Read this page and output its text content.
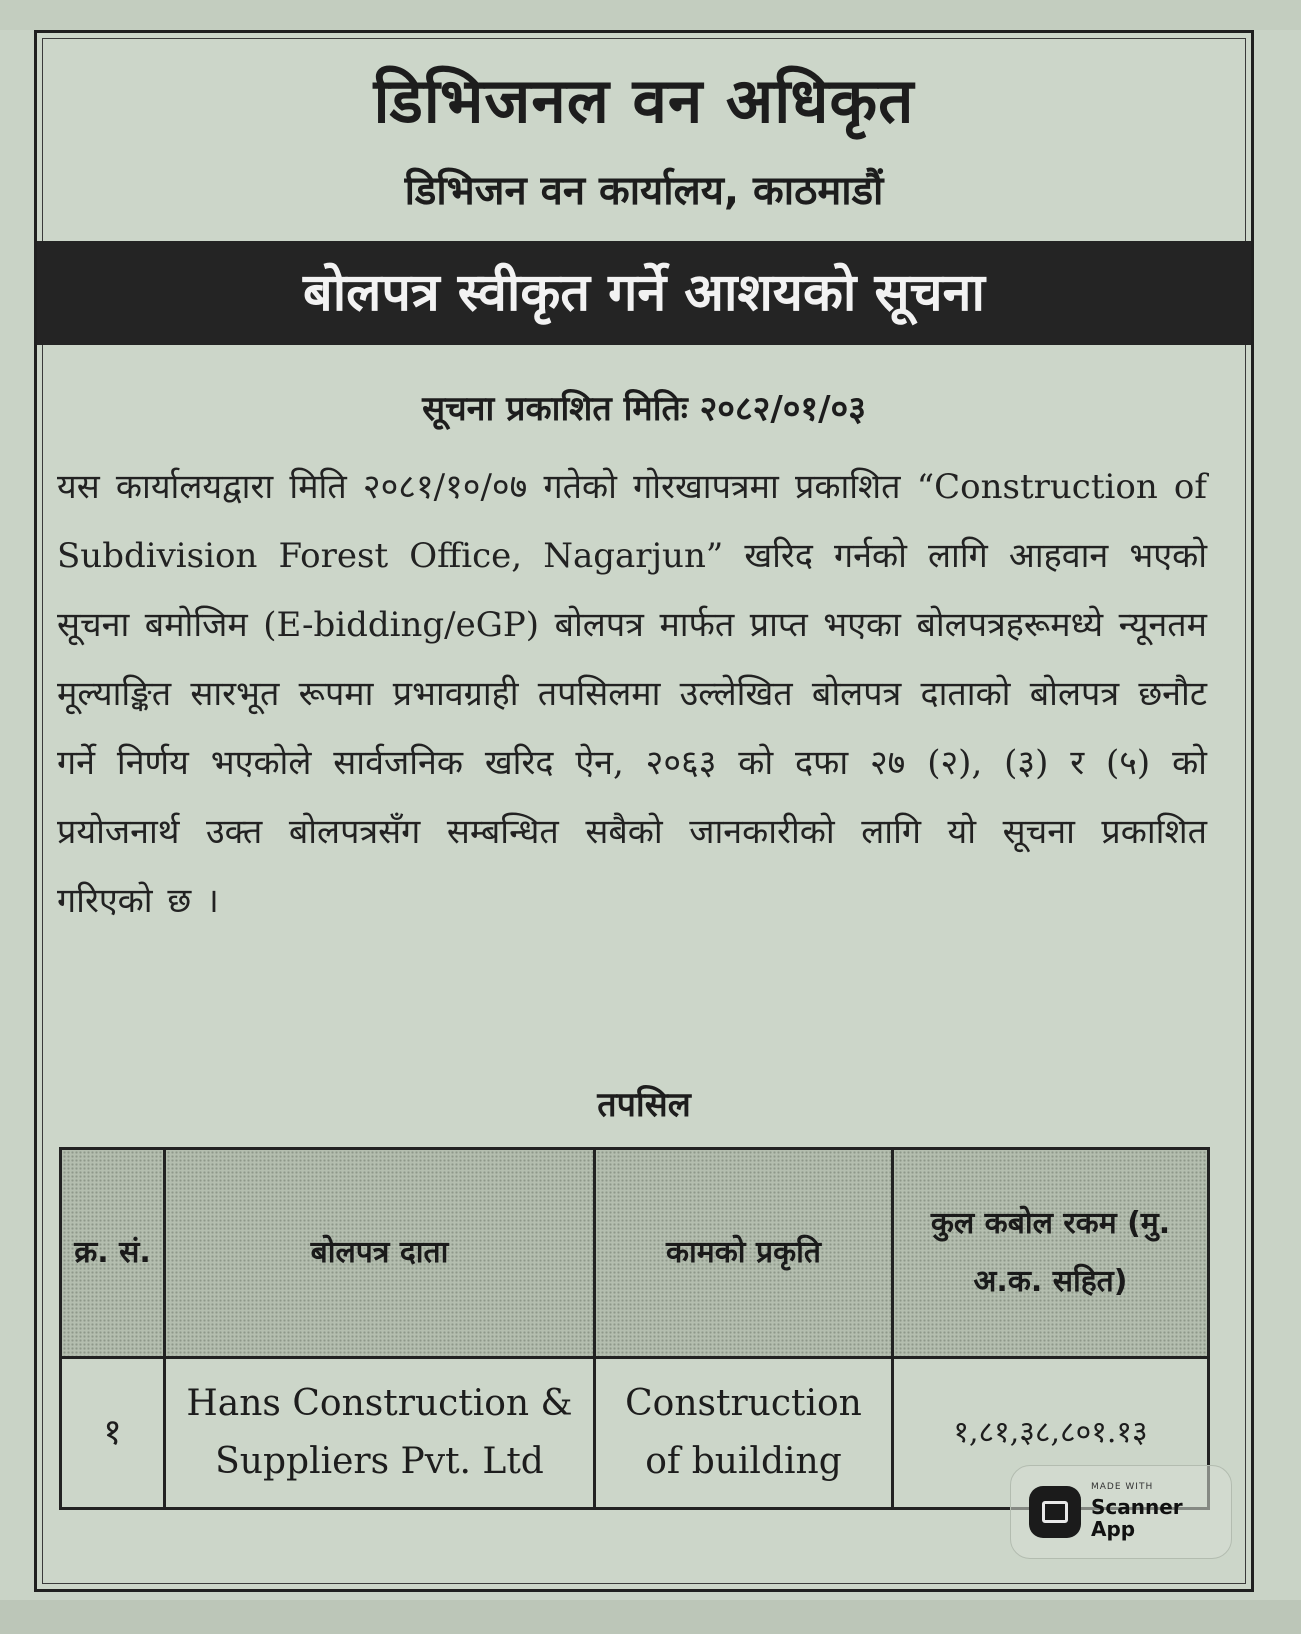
डिभिजनल वन अधिकृत
डिभिजन वन कार्यालय, काठमाडौं
बोलपत्र स्वीकृत गर्ने आशयको सूचना
सूचना प्रकाशित मितिः २०८२/०१/०३
यस कार्यालयद्वारा मिति २०८१/१०/०७ गतेको गोरखापत्रमा प्रकाशित “Construction of Subdivision Forest Office, Nagarjun” खरिद गर्नको लागि आहवान भएको सूचना बमोजिम (E-bidding/eGP) बोलपत्र मार्फत प्राप्त भएका बोलपत्रहरूमध्ये न्यूनतम मूल्याङ्कित सारभूत रूपमा प्रभावग्राही तपसिलमा उल्लेखित बोलपत्र दाताको बोलपत्र छनौट गर्ने निर्णय भएकोले सार्वजनिक खरिद ऐन, २०६३ को दफा २७ (२), (३) र (५) को प्रयोजनार्थ उक्त बोलपत्रसँग सम्बन्धित सबैको जानकारीको लागि यो सूचना प्रकाशित गरिएको छ ।
तपसिल
क्र. सं.	बोलपत्र दाता	कामको प्रकृति	कुल कबोल रकम (मु. अ.क. सहित)
१	Hans Construction & Suppliers Pvt. Ltd	Construction of building	१,८१,३८,८०१.१३
MADE WITH
Scanner App
